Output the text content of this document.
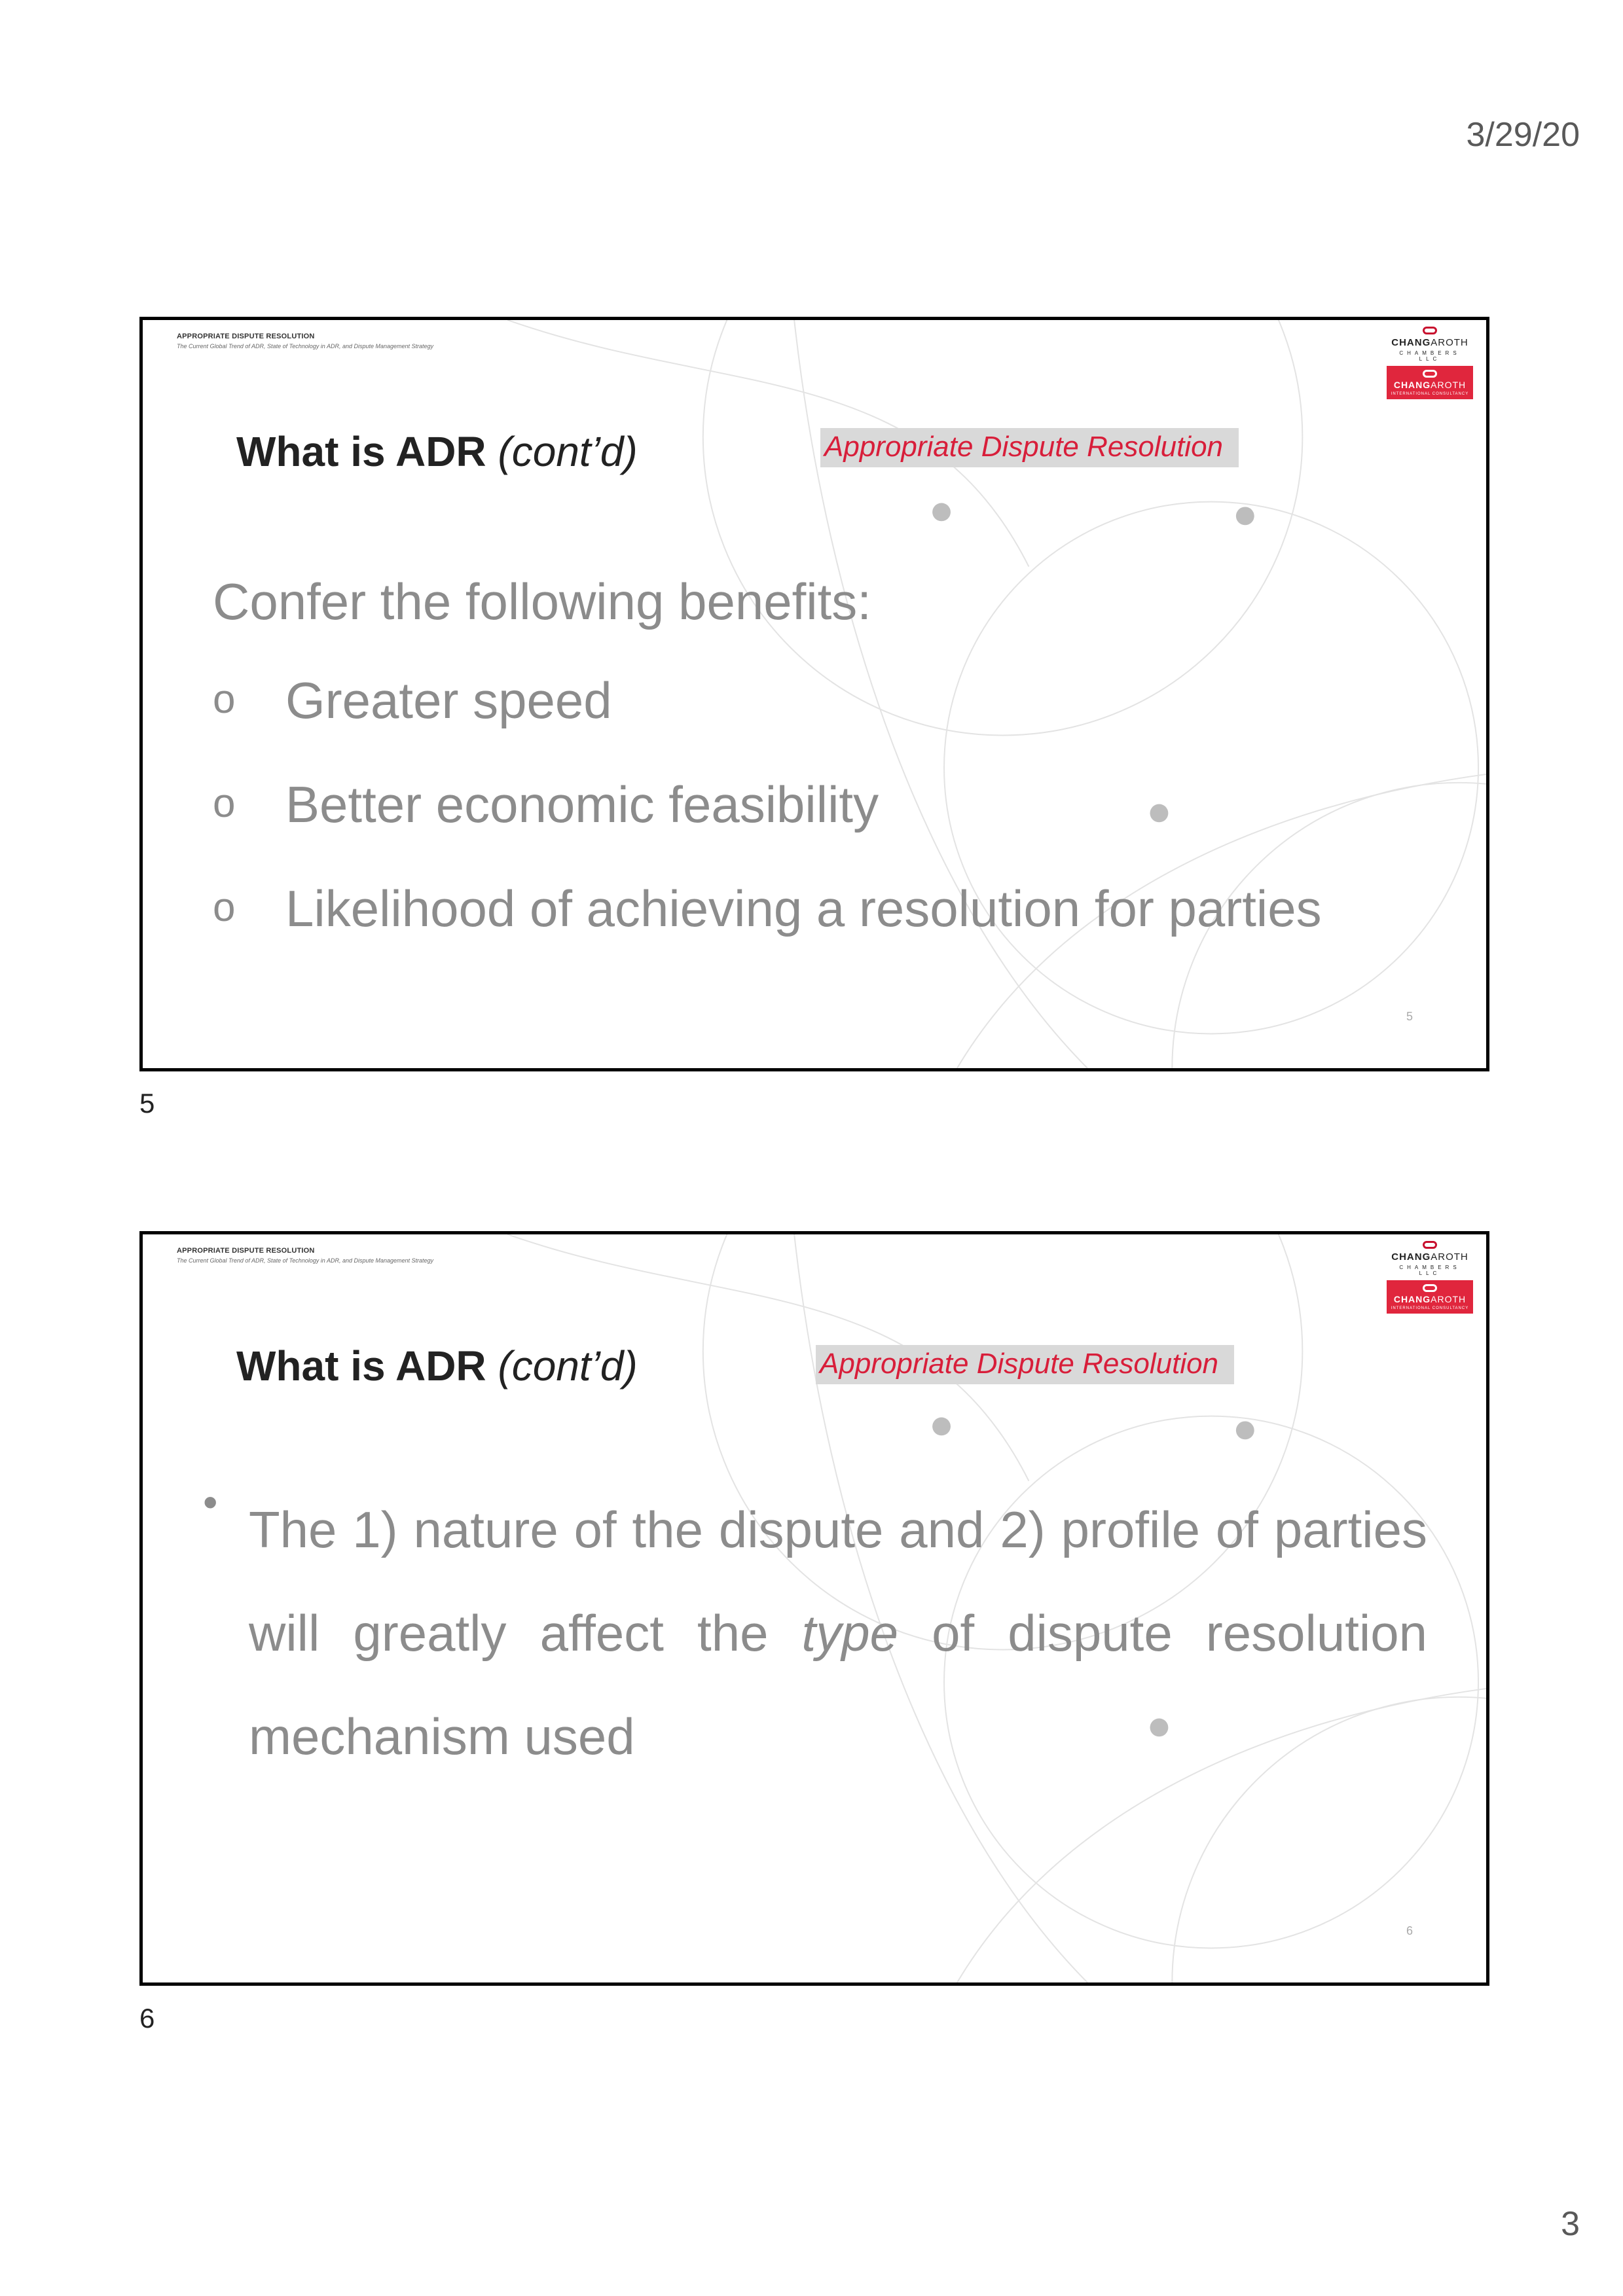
3/29/20
APPROPRIATE DISPUTE RESOLUTION
The Current Global Trend of ADR, State of Technology in ADR, and Dispute Management Strategy	CHANGAROTH
CHAMBERS LLC
CHANGAROTH
INTERNATIONAL CONSULTANCY
What is ADR (cont’d)	Appropriate Dispute Resolution
Confer the following benefits:
o Greater speed
o Better economic feasibility
o Likelihood of achieving a resolution for parties
5
5
APPROPRIATE DISPUTE RESOLUTION
The Current Global Trend of ADR, State of Technology in ADR, and Dispute Management Strategy	CHANGAROTH
CHAMBERS LLC
CHANGAROTH
INTERNATIONAL CONSULTANCY
What is ADR (cont’d)	Appropriate Dispute Resolution
• The 1) nature of the dispute and 2) profile of parties will greatly affect the type of dispute resolution mechanism used
6
6
3
